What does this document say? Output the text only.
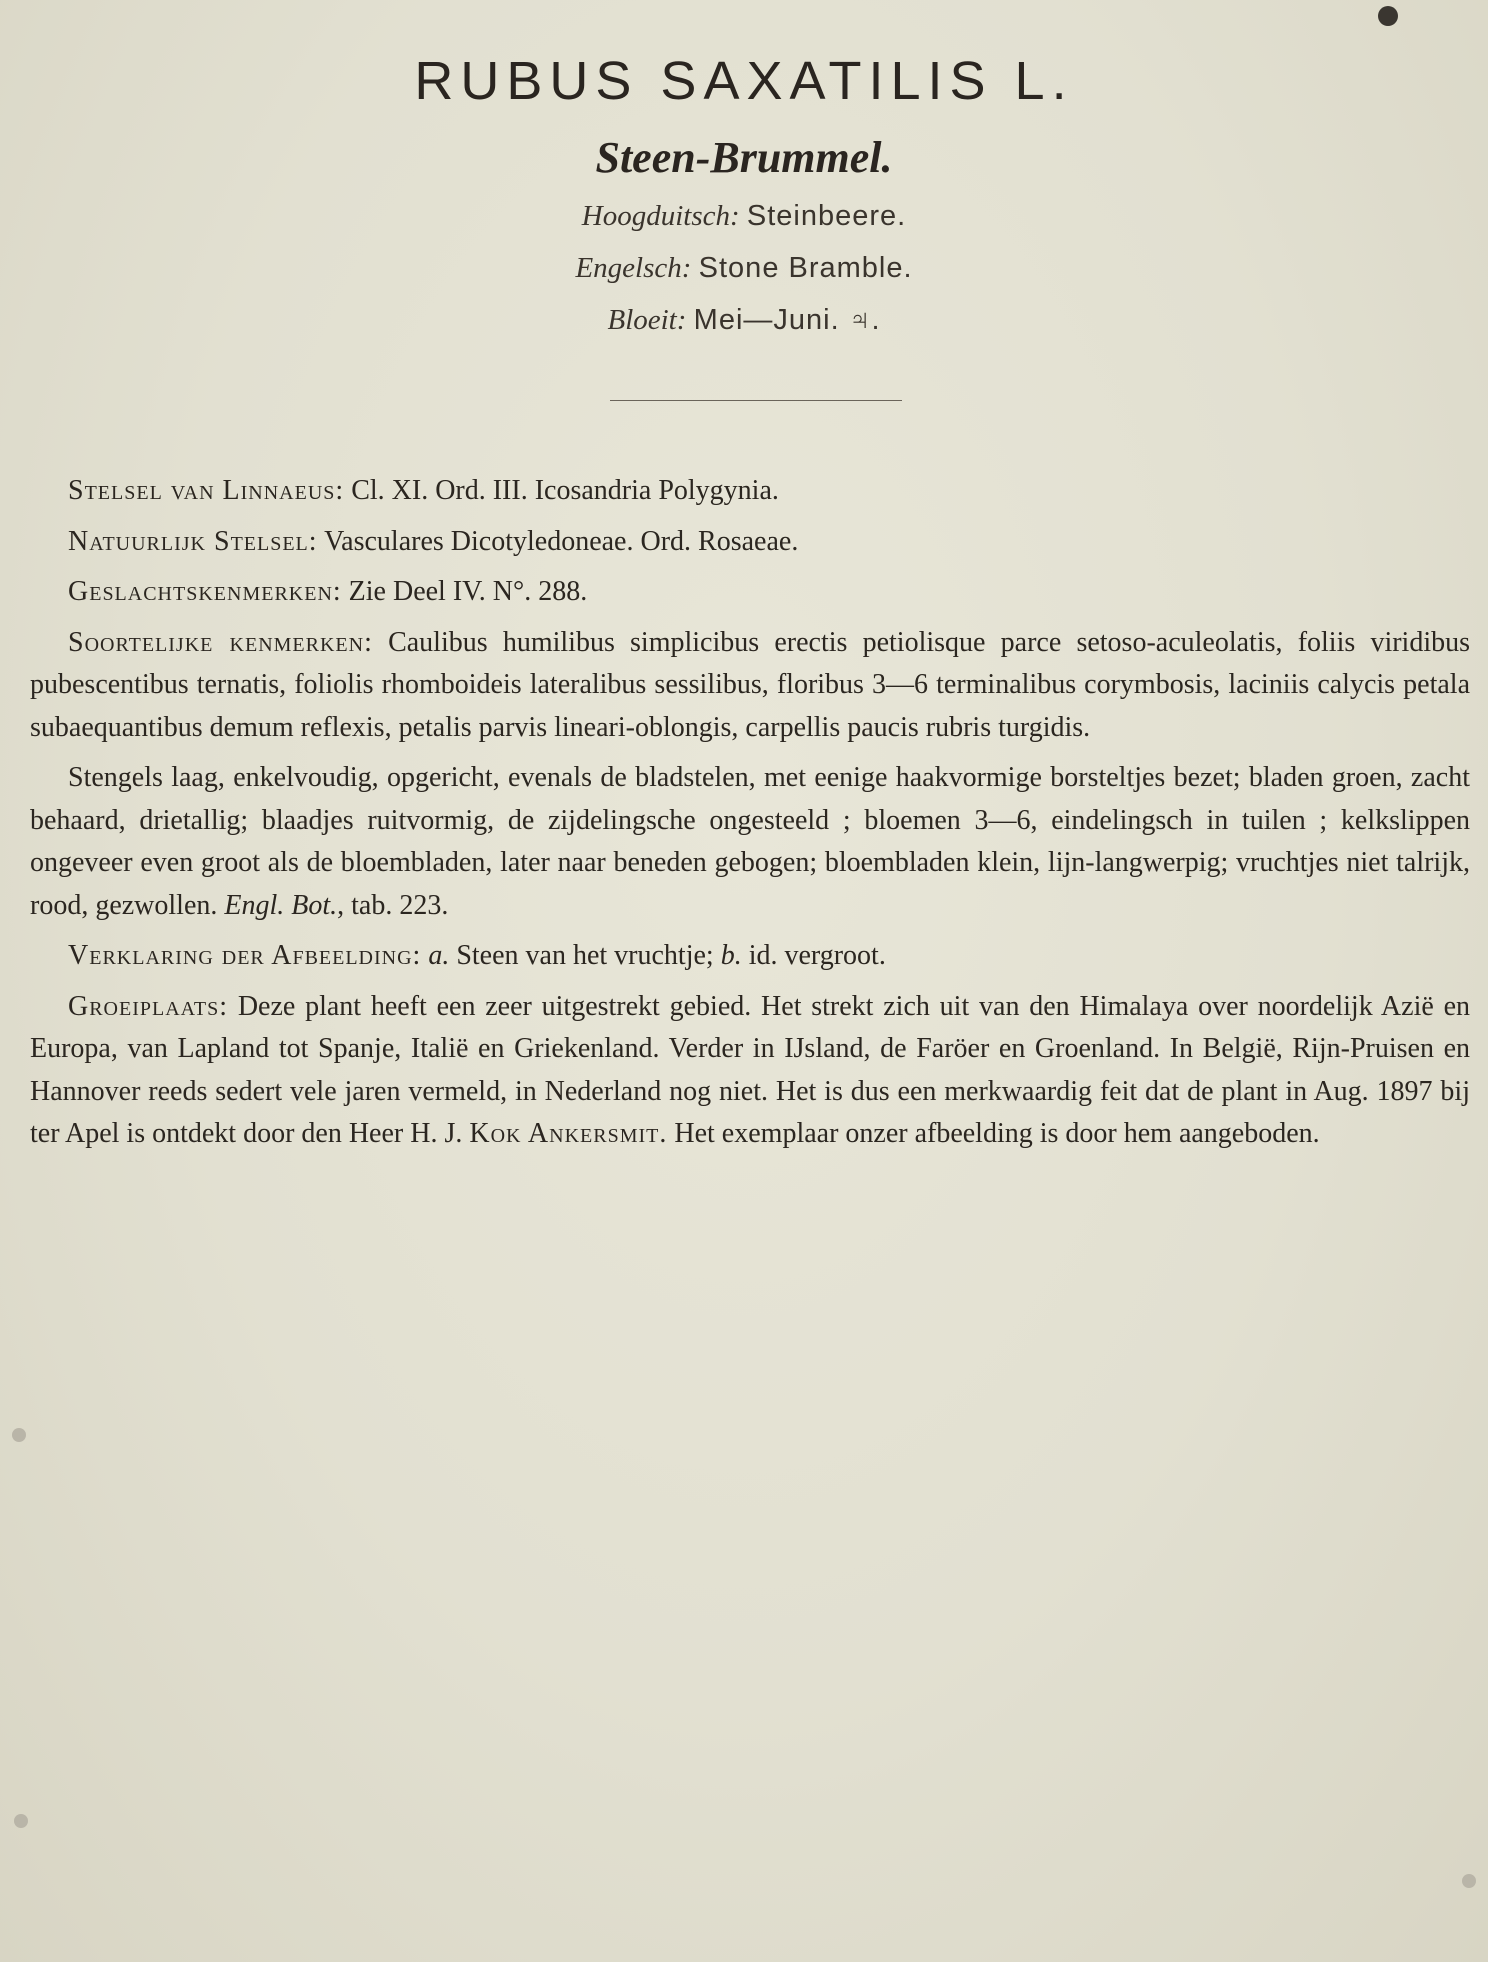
RUBUS SAXATILIS L.
Steen-Brummel.
Hoogduitsch: Steinbeere.
Engelsch: Stone Bramble.
Bloeit: Mei—Juni. ♃.

Stelsel van Linnaeus: Cl. XI. Ord. III. Icosandria Polygynia.

Natuurlijk Stelsel: Vasculares Dicotyledoneae. Ord. Rosaeae.

Geslachtskenmerken: Zie Deel IV. N°. 288.

Soortelijke kenmerken: Caulibus humilibus simplicibus erectis petiolisque parce setoso-aculeolatis, foliis viridibus pubescentibus ternatis, foliolis rhomboideis lateralibus sessilibus, floribus 3—6 terminalibus corymbosis, laciniis calycis petala subaequantibus demum reflexis, petalis parvis lineari-oblongis, carpellis paucis rubris turgidis.

Stengels laag, enkelvoudig, opgericht, evenals de bladstelen, met eenige haakvormige borsteltjes bezet; bladen groen, zacht behaard, drietallig; blaadjes ruitvormig, de zijdelingsche ongesteeld ; bloemen 3—6, eindelingsch in tuilen ; kelkslippen ongeveer even groot als de bloembladen, later naar beneden gebogen; bloembladen klein, lijn-langwerpig; vruchtjes niet talrijk, rood, gezwollen. Engl. Bot., tab. 223.

Verklaring der Afbeelding: a. Steen van het vruchtje; b. id. vergroot.

Groeiplaats: Deze plant heeft een zeer uitgestrekt gebied. Het strekt zich uit van den Himalaya over noordelijk Azië en Europa, van Lapland tot Spanje, Italië en Griekenland. Verder in IJsland, de Faröer en Groenland. In België, Rijn-Pruisen en Hannover reeds sedert vele jaren vermeld, in Nederland nog niet. Het is dus een merkwaardig feit dat de plant in Aug. 1897 bij ter Apel is ontdekt door den Heer H. J. Kok Ankersmit. Het exemplaar onzer afbeelding is door hem aangeboden.
